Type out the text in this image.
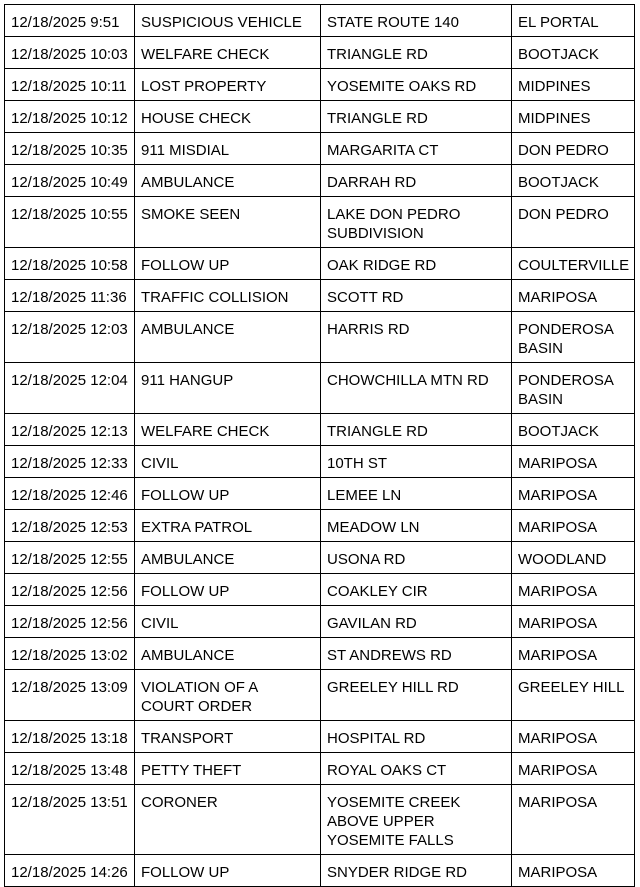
12/18/2025 9:51	SUSPICIOUS VEHICLE	STATE ROUTE 140	EL PORTAL
12/18/2025 10:03	WELFARE CHECK	TRIANGLE RD	BOOTJACK
12/18/2025 10:11	LOST PROPERTY	YOSEMITE OAKS RD	MIDPINES
12/18/2025 10:12	HOUSE CHECK	TRIANGLE RD	MIDPINES
12/18/2025 10:35	911 MISDIAL	MARGARITA CT	DON PEDRO
12/18/2025 10:49	AMBULANCE	DARRAH RD	BOOTJACK
12/18/2025 10:55	SMOKE SEEN	LAKE DON PEDRO SUBDIVISION	DON PEDRO
12/18/2025 10:58	FOLLOW UP	OAK RIDGE RD	COULTERVILLE
12/18/2025 11:36	TRAFFIC COLLISION	SCOTT RD	MARIPOSA
12/18/2025 12:03	AMBULANCE	HARRIS RD	PONDEROSA BASIN
12/18/2025 12:04	911 HANGUP	CHOWCHILLA MTN RD	PONDEROSA BASIN
12/18/2025 12:13	WELFARE CHECK	TRIANGLE RD	BOOTJACK
12/18/2025 12:33	CIVIL	10TH ST	MARIPOSA
12/18/2025 12:46	FOLLOW UP	LEMEE LN	MARIPOSA
12/18/2025 12:53	EXTRA PATROL	MEADOW LN	MARIPOSA
12/18/2025 12:55	AMBULANCE	USONA RD	WOODLAND
12/18/2025 12:56	FOLLOW UP	COAKLEY CIR	MARIPOSA
12/18/2025 12:56	CIVIL	GAVILAN RD	MARIPOSA
12/18/2025 13:02	AMBULANCE	ST ANDREWS RD	MARIPOSA
12/18/2025 13:09	VIOLATION OF A COURT ORDER	GREELEY HILL RD	GREELEY HILL
12/18/2025 13:18	TRANSPORT	HOSPITAL RD	MARIPOSA
12/18/2025 13:48	PETTY THEFT	ROYAL OAKS CT	MARIPOSA
12/18/2025 13:51	CORONER	YOSEMITE CREEK ABOVE UPPER YOSEMITE FALLS	MARIPOSA
12/18/2025 14:26	FOLLOW UP	SNYDER RIDGE RD	MARIPOSA
